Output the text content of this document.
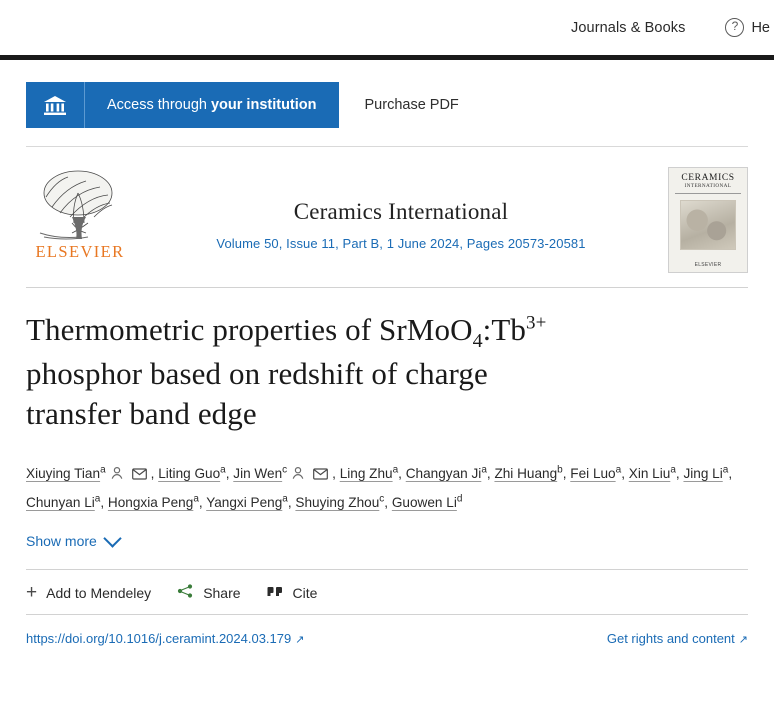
Journals & Books ?	He
Access through your institution	Purchase PDF
ELSEVIER
Ceramics International
Volume 50, Issue 11, Part B, 1 June 2024, Pages 20573-20581
CERAMICS
INTERNATIONAL
ELSEVIER
Thermometric properties of $SrMoO_4:Tb^{3+}$
phosphor based on redshift of charge
transfer band edge
Xiuying Tian$^a$	, Liting Guo$^a$, Jin Wen$^c$	, Ling Zhu$^a$, Changyan Ji$^a$, Zhi Huang$^b$, Fei Luo$^a$, Xin Liu$^a$, Jing Li$^a$, Chunyan Li$^a$, Hongxia Peng$^a$, Yangxi Peng$^a$, Shuying Zhou$^c$, Guowen Li$^d$
Show more
+ Add to Mendeley	Share	Cite
https://doi.org/10.1016/j.ceramint.2024.03.179 ↗	Get rights and content ↗
